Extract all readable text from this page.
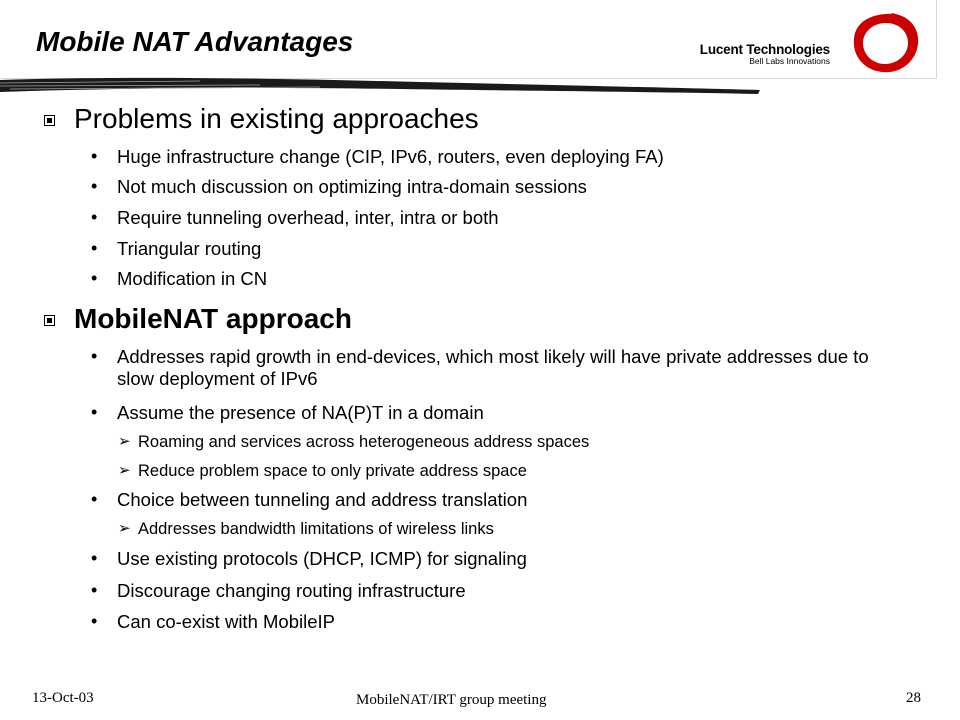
Mobile NAT Advantages	Lucent Technologies
Bell Labs Innovations
Problems in existing approaches
• Huge infrastructure change (CIP, IPv6, routers, even deploying FA)
• Not much discussion on optimizing intra-domain sessions
• Require tunneling overhead, inter, intra or both
• Triangular routing
• Modification in CN
MobileNAT approach
• Addresses rapid growth in end-devices, which most likely will have private addresses due to slow deployment of IPv6
• Assume the presence of NA(P)T in a domain
➢ Roaming and services across heterogeneous address spaces
➢ Reduce problem space to only private address space
• Choice between tunneling and address translation
➢ Addresses bandwidth limitations of wireless links
• Use existing protocols (DHCP, ICMP) for signaling
• Discourage changing routing infrastructure
• Can co-exist with MobileIP
13-Oct-03	MobileNAT/IRT group meeting	28
